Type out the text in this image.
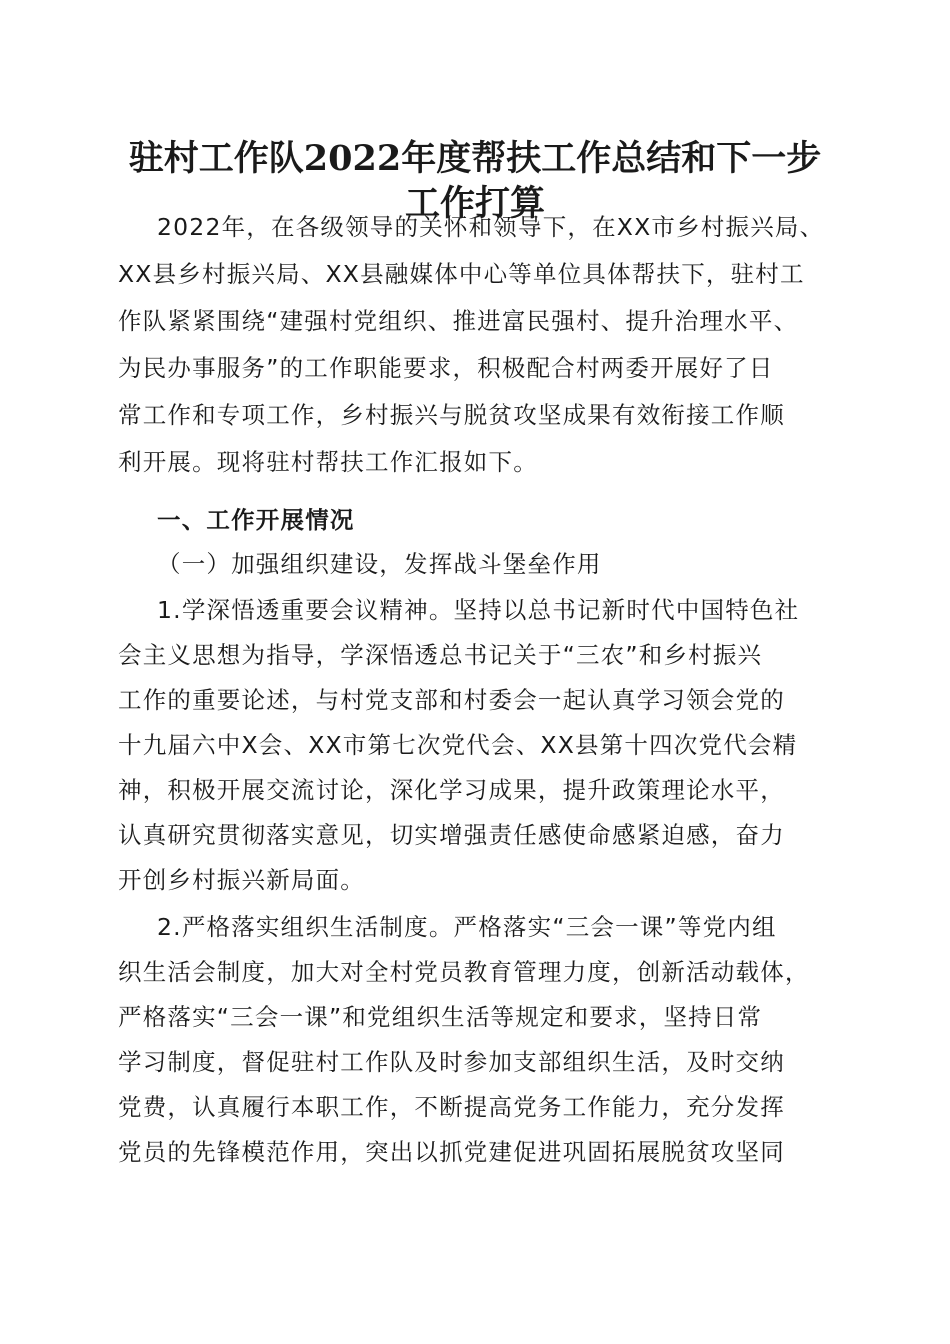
驻村工作队2022年度帮扶工作总结和下一步
工作打算
2022年，在各级领导的关怀和领导下，在XX市乡村振兴局、
XX县乡村振兴局、XX县融媒体中心等单位具体帮扶下，驻村工
作队紧紧围绕“建强村党组织、推进富民强村、提升治理水平、
为民办事服务”的工作职能要求，积极配合村两委开展好了日
常工作和专项工作，乡村振兴与脱贫攻坚成果有效衔接工作顺
利开展。现将驻村帮扶工作汇报如下。
一、工作开展情况
（一）加强组织建设，发挥战斗堡垒作用
1.学深悟透重要会议精神。坚持以总书记新时代中国特色社
会主义思想为指导，学深悟透总书记关于“三农”和乡村振兴
工作的重要论述，与村党支部和村委会一起认真学习领会党的
十九届六中X会、XX市第七次党代会、XX县第十四次党代会精
神，积极开展交流讨论，深化学习成果，提升政策理论水平，
认真研究贯彻落实意见，切实增强责任感使命感紧迫感，奋力
开创乡村振兴新局面。
2.严格落实组织生活制度。严格落实“三会一课”等党内组
织生活会制度，加大对全村党员教育管理力度，创新活动载体，
严格落实“三会一课”和党组织生活等规定和要求，坚持日常
学习制度，督促驻村工作队及时参加支部组织生活，及时交纳
党费，认真履行本职工作，不断提高党务工作能力，充分发挥
党员的先锋模范作用，突出以抓党建促进巩固拓展脱贫攻坚同
